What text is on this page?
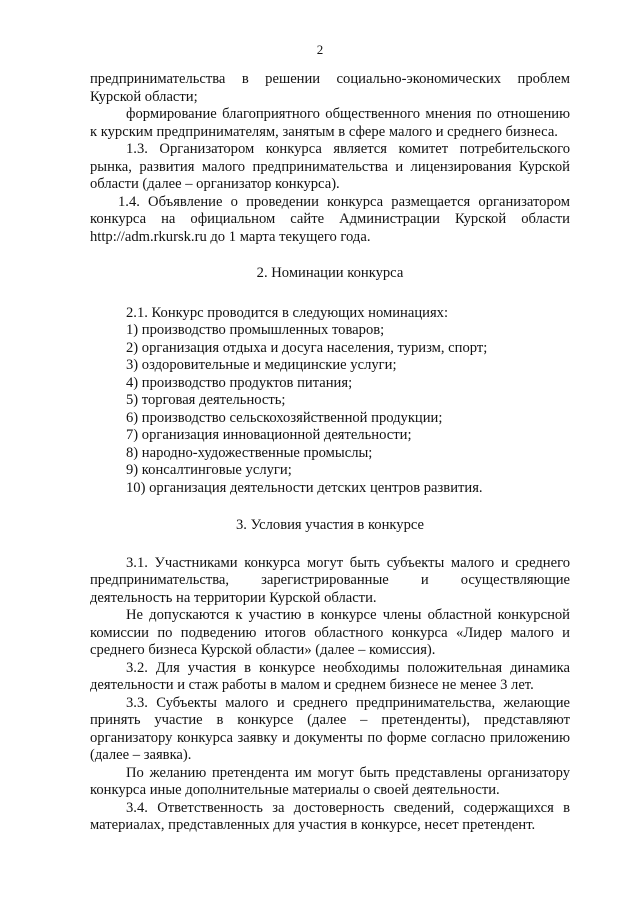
2

предпринимательства в решении социально-экономических проблем Курской области;

формирование благоприятного общественного мнения по отношению к курским предпринимателям, занятым в сфере малого и среднего бизнеса.

1.3. Организатором конкурса является комитет потребительского рынка, развития малого предпринимательства и лицензирования Курской области (далее – организатор конкурса).

1.4. Объявление о проведении конкурса размещается организатором конкурса на официальном сайте Администрации Курской области http://adm.rkursk.ru до 1 марта текущего года.

2. Номинации конкурса

2.1. Конкурс проводится в следующих номинациях:

1) производство промышленных товаров;
2) организация отдыха и досуга населения, туризм, спорт;
3) оздоровительные и медицинские услуги;
4) производство продуктов питания;
5) торговая деятельность;
6) производство сельскохозяйственной продукции;
7) организация инновационной деятельности;
8) народно-художественные промыслы;
9) консалтинговые услуги;
10) организация деятельности детских центров развития.

3. Условия участия в конкурсе

3.1. Участниками конкурса могут быть субъекты малого и среднего предпринимательства, зарегистрированные и осуществляющие деятельность на территории Курской области.

Не допускаются к участию в конкурсе члены областной конкурсной комиссии по подведению итогов областного конкурса «Лидер малого и среднего бизнеса Курской области» (далее – комиссия).

3.2. Для участия в конкурсе необходимы положительная динамика деятельности и стаж работы в малом и среднем бизнесе не менее 3 лет.

3.3. Субъекты малого и среднего предпринимательства, желающие принять участие в конкурсе (далее – претенденты), представляют организатору конкурса заявку и документы по форме согласно приложению (далее – заявка).

По желанию претендента им могут быть представлены организатору конкурса иные дополнительные материалы о своей деятельности.

3.4. Ответственность за достоверность сведений, содержащихся в материалах, представленных для участия в конкурсе, несет претендент.
